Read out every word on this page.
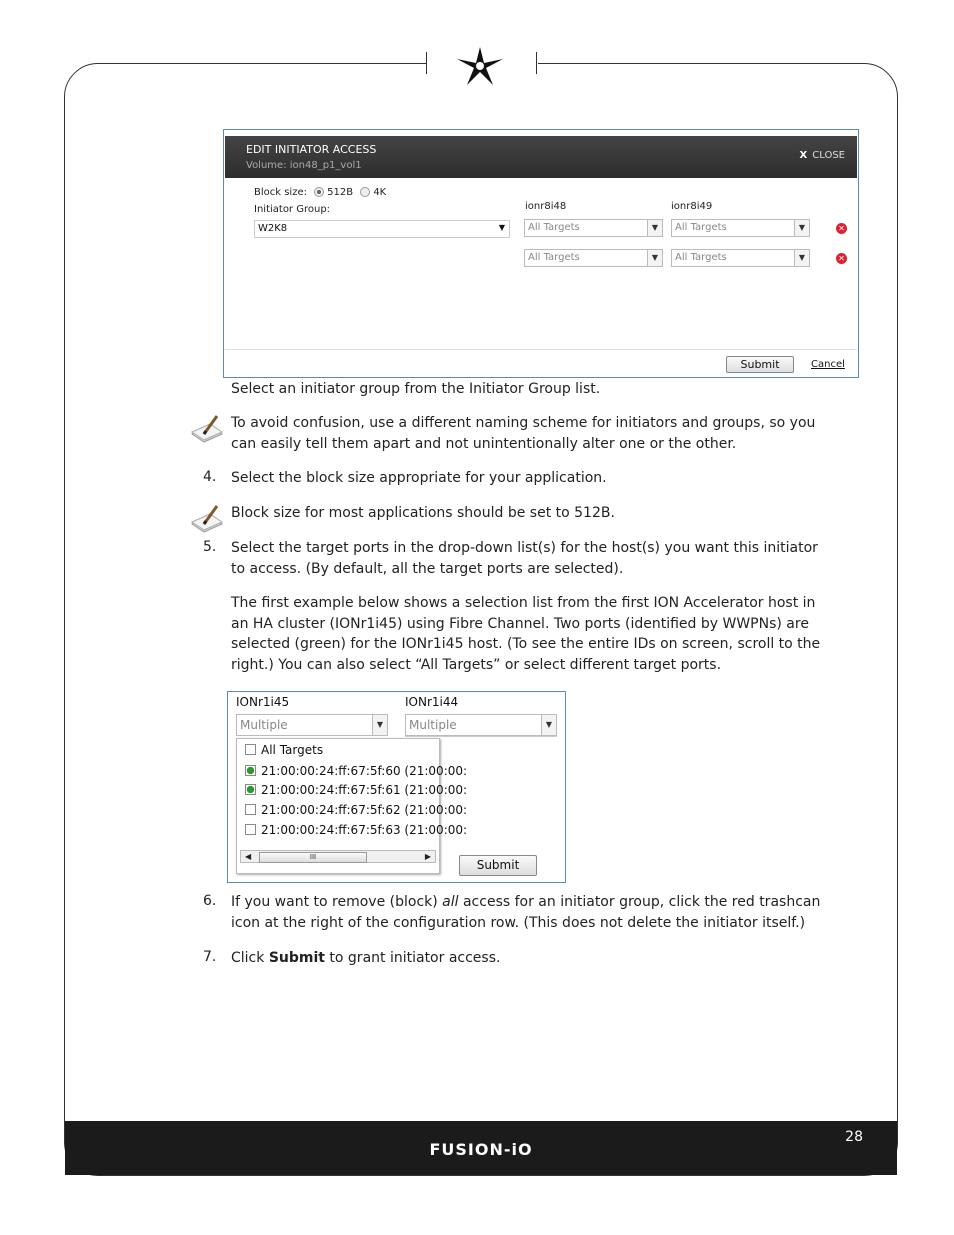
FUSION-iO
28
EDIT INITIATOR ACCESS
Volume: ion48_p1_vol1
X CLOSE
Block size: 512B 4K
Initiator Group:
W2K8	▼
ionr8i48	ionr8i49
All Targets	▼	All Targets	▼	✕
All Targets	▼	All Targets	▼	✕
Submit	Cancel
Select an initiator group from the Initiator Group list.
To avoid confusion, use a different naming scheme for initiators and groups, so you can easily tell them apart and not unintentionally alter one or the other.
4. Select the block size appropriate for your application.
Block size for most applications should be set to 512B.
5. Select the target ports in the drop-down list(s) for the host(s) you want this initiator to access. (By default, all the target ports are selected).
The first example below shows a selection list from the first ION Accelerator host in an HA cluster (IONr1i45) using Fibre Channel. Two ports (identified by WWPNs) are selected (green) for the IONr1i45 host. (To see the entire IDs on screen, scroll to the right.) You can also select “All Targets” or select different target ports.
IONr1i45	IONr1i44
Multiple	▼	Multiple	▼
All Targets
21:00:00:24:ff:67:5f:60 (21:00:00:
21:00:00:24:ff:67:5f:61 (21:00:00:
21:00:00:24:ff:67:5f:62 (21:00:00:
21:00:00:24:ff:67:5f:63 (21:00:00:
◀	III	▶
Submit
6. If you want to remove (block) all access for an initiator group, click the red trashcan icon at the right of the configuration row. (This does not delete the initiator itself.)
7. Click Submit to grant initiator access.
